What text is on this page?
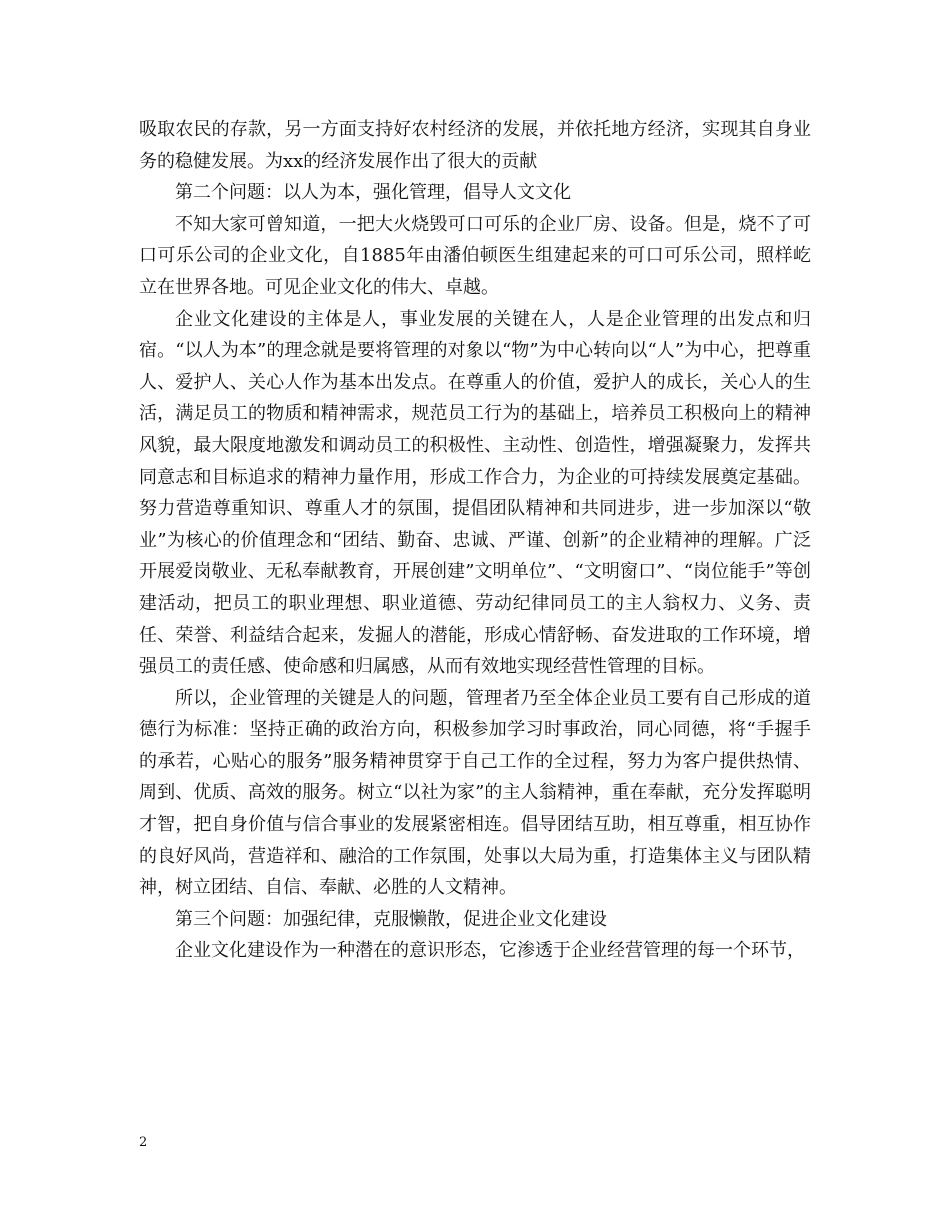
吸取农民的存款，另一方面支持好农村经济的发展，并依托地方经济，实现其自身业务的稳健发展。为xx的经济发展作出了很大的贡献

第二个问题：以人为本，强化管理，倡导人文文化

不知大家可曾知道，一把大火烧毁可口可乐的企业厂房、设备。但是，烧不了可口可乐公司的企业文化，自1885年由潘伯顿医生组建起来的可口可乐公司，照样屹立在世界各地。可见企业文化的伟大、卓越。

企业文化建设的主体是人，事业发展的关键在人，人是企业管理的出发点和归宿。“以人为本”的理念就是要将管理的对象以“物”为中心转向以“人”为中心，把尊重人、爱护人、关心人作为基本出发点。在尊重人的价值，爱护人的成长，关心人的生活，满足员工的物质和精神需求，规范员工行为的基础上，培养员工积极向上的精神风貌，最大限度地激发和调动员工的积极性、主动性、创造性，增强凝聚力，发挥共同意志和目标追求的精神力量作用，形成工作合力，为企业的可持续发展奠定基础。努力营造尊重知识、尊重人才的氛围，提倡团队精神和共同进步，进一步加深以“敬业”为核心的价值理念和“团结、勤奋、忠诚、严谨、创新”的企业精神的理解。广泛开展爱岗敬业、无私奉献教育，开展创建”文明单位”、“文明窗口”、“岗位能手”等创建活动，把员工的职业理想、职业道德、劳动纪律同员工的主人翁权力、义务、责任、荣誉、利益结合起来，发掘人的潜能，形成心情舒畅、奋发进取的工作环境，增强员工的责任感、使命感和归属感，从而有效地实现经营性管理的目标。

所以，企业管理的关键是人的问题，管理者乃至全体企业员工要有自己形成的道德行为标准：坚持正确的政治方向，积极参加学习时事政治，同心同德，将“手握手的承若，心贴心的服务”服务精神贯穿于自己工作的全过程，努力为客户提供热情、周到、优质、高效的服务。树立“以社为家”的主人翁精神，重在奉献，充分发挥聪明才智，把自身价值与信合事业的发展紧密相连。倡导团结互助，相互尊重，相互协作的良好风尚，营造祥和、融洽的工作氛围，处事以大局为重，打造集体主义与团队精神，树立团结、自信、奉献、必胜的人文精神。

第三个问题：加强纪律，克服懒散，促进企业文化建设

企业文化建设作为一种潜在的意识形态，它渗透于企业经营管理的每一个环节，

2
